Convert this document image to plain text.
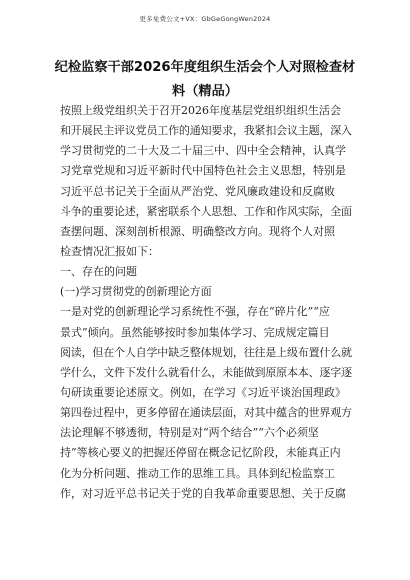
更多免费公文+VX：GbGeGongWen2024
纪检监察干部2026年度组织生活会个人对照检查材
料（精品）
按照上级党组织关于召开2026年度基层党组织组织生活会
和开展民主评议党员工作的通知要求，我紧扣会议主题，深入
学习贯彻党的二十大及二十届三中、四中全会精神，认真学
习党章党规和习近平新时代中国特色社会主义思想，特别是
习近平总书记关于全面从严治党、党风廉政建设和反腐败
斗争的重要论述，紧密联系个人思想、工作和作风实际，全面
查摆问题、深刻剖析根源、明确整改方向。现将个人对照
检查情况汇报如下：
一、存在的问题
(一)学习贯彻党的创新理论方面
一是对党的创新理论学习系统性不强，存在“碎片化”“应
景式”倾向。虽然能够按时参加集体学习、完成规定篇目
阅读，但在个人自学中缺乏整体规划，往往是上级布置什么就
学什么，文件下发什么就看什么，未能做到原原本本、逐字逐
句研读重要论述原文。例如，在学习《习近平谈治国理政》
第四卷过程中，更多停留在通读层面，对其中蕴含的世界观方
法论理解不够透彻，特别是对“两个结合”“六个必须坚
持”等核心要义的把握还停留在概念记忆阶段，未能真正内
化为分析问题、推动工作的思维工具。具体到纪检监察工
作，对习近平总书记关于党的自我革命重要思想、关于反腐
